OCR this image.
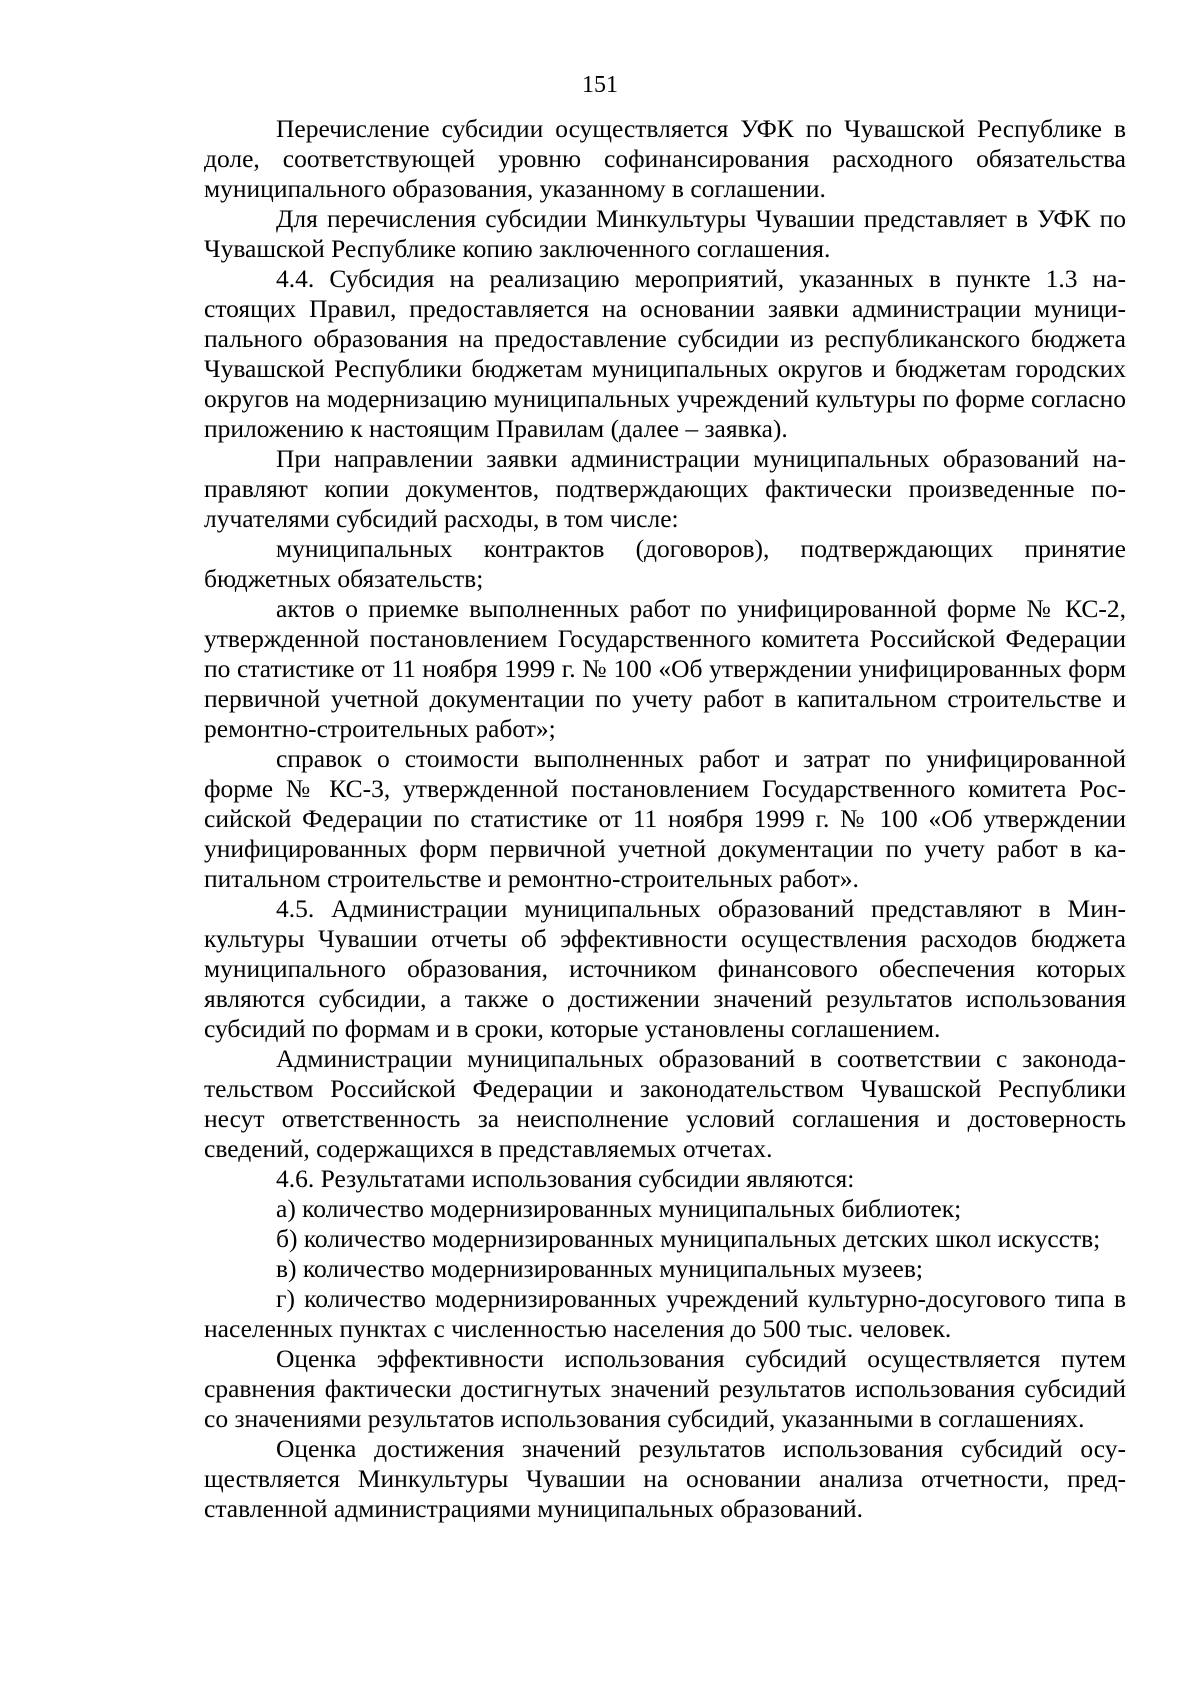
151

Перечисление субсидии осуществляется УФК по Чувашской Республике в доле, соответствующей уровню софинансирования расходного обязательства муниципального образования, указанному в соглашении.

Для перечисления субсидии Минкультуры Чувашии представляет в УФК по Чувашской Республике копию заключенного соглашения.

4.4. Субсидия на реализацию мероприятий, указанных в пункте 1.3 настоящих Правил, предоставляется на основании заявки администрации муниципального образования на предоставление субсидии из республиканского бюджета Чувашской Республики бюджетам муниципальных округов и бюджетам городских округов на модернизацию муниципальных учреждений культуры по форме согласно приложению к настоящим Правилам (далее – заявка).

При направлении заявки администрации муниципальных образований направляют копии документов, подтверждающих фактически произведенные получателями субсидий расходы, в том числе:

муниципальных контрактов (договоров), подтверждающих принятие бюджетных обязательств;

актов о приемке выполненных работ по унифицированной форме № КС-2, утвержденной постановлением Государственного комитета Российской Федерации по статистике от 11 ноября 1999 г. № 100 «Об утверждении унифицированных форм первичной учетной документации по учету работ в капитальном строительстве и ремонтно-строительных работ»;

справок о стоимости выполненных работ и затрат по унифицированной форме № КС-3, утвержденной постановлением Государственного комитета Российской Федерации по статистике от 11 ноября 1999 г. № 100 «Об утверждении унифицированных форм первичной учетной документации по учету работ в капитальном строительстве и ремонтно-строительных работ».

4.5. Администрации муниципальных образований представляют в Минкультуры Чувашии отчеты об эффективности осуществления расходов бюджета муниципального образования, источником финансового обеспечения которых являются субсидии, а также о достижении значений результатов использования субсидий по формам и в сроки, которые установлены соглашением.

Администрации муниципальных образований в соответствии с законодательством Российской Федерации и законодательством Чувашской Республики несут ответственность за неисполнение условий соглашения и достоверность сведений, содержащихся в представляемых отчетах.

4.6. Результатами использования субсидии являются:

а) количество модернизированных муниципальных библиотек;

б) количество модернизированных муниципальных детских школ искусств;

в) количество модернизированных муниципальных музеев;

г) количество модернизированных учреждений культурно-досугового типа в населенных пунктах с численностью населения до 500 тыс. человек.

Оценка эффективности использования субсидий осуществляется путем сравнения фактически достигнутых значений результатов использования субсидий со значениями результатов использования субсидий, указанными в соглашениях.

Оценка достижения значений результатов использования субсидий осуществляется Минкультуры Чувашии на основании анализа отчетности, представленной администрациями муниципальных образований.
